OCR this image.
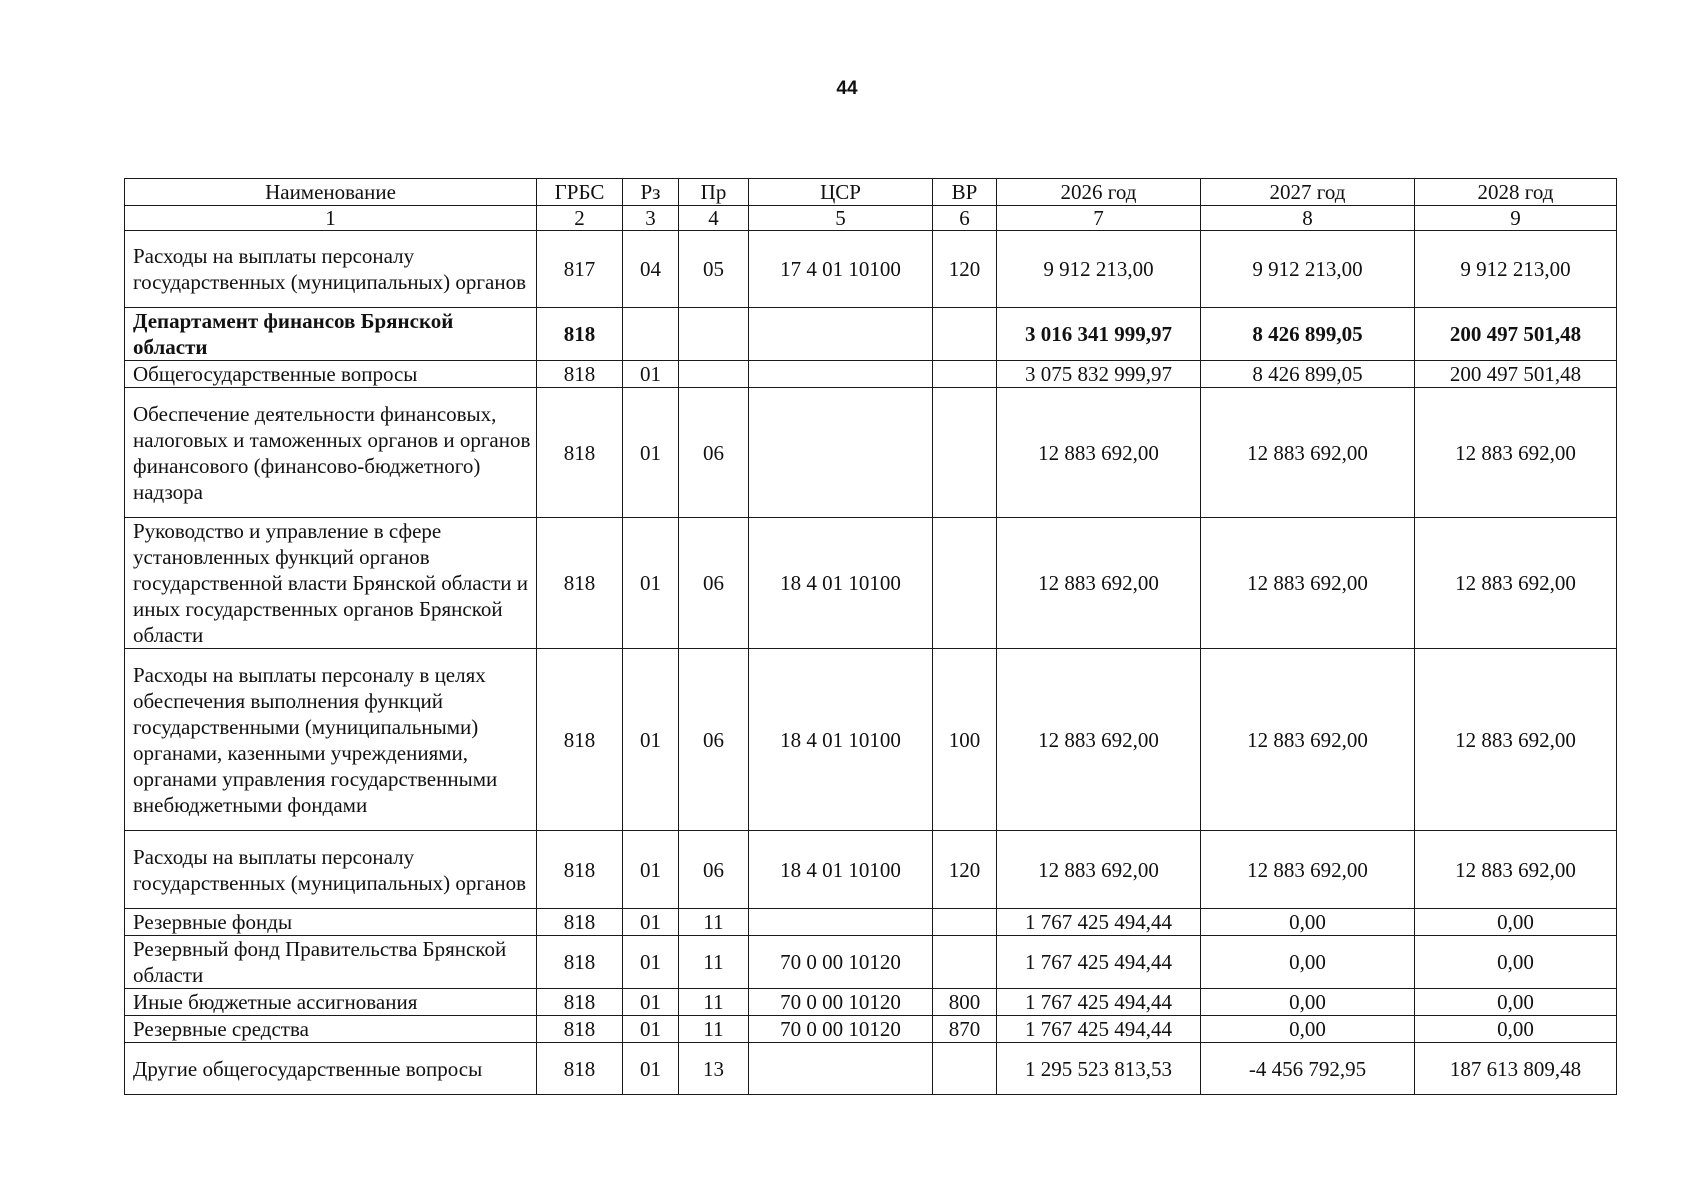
44
Наименование	ГРБС	Рз	Пр	ЦСР	ВР	2026 год	2027 год	2028 год
1	2	3	4	5	6	7	8	9
Расходы на выплаты персоналу государственных (муниципальных) органов	817	04	05	17 4 01 10100	120	9 912 213,00	9 912 213,00	9 912 213,00
Департамент финансов Брянской области	818					3 016 341 999,97	8 426 899,05	200 497 501,48
Общегосударственные вопросы	818	01				3 075 832 999,97	8 426 899,05	200 497 501,48
Обеспечение деятельности финансовых, налоговых и таможенных органов и органов финансового (финансово-бюджетного) надзора	818	01	06			12 883 692,00	12 883 692,00	12 883 692,00
Руководство и управление в сфере установленных функций органов государственной власти Брянской области и иных государственных органов Брянской области	818	01	06	18 4 01 10100		12 883 692,00	12 883 692,00	12 883 692,00
Расходы на выплаты персоналу в целях обеспечения выполнения функций государственными (муниципальными) органами, казенными учреждениями, органами управления государственными внебюджетными фондами	818	01	06	18 4 01 10100	100	12 883 692,00	12 883 692,00	12 883 692,00
Расходы на выплаты персоналу государственных (муниципальных) органов	818	01	06	18 4 01 10100	120	12 883 692,00	12 883 692,00	12 883 692,00
Резервные фонды	818	01	11			1 767 425 494,44	0,00	0,00
Резервный фонд Правительства Брянской области	818	01	11	70 0 00 10120		1 767 425 494,44	0,00	0,00
Иные бюджетные ассигнования	818	01	11	70 0 00 10120	800	1 767 425 494,44	0,00	0,00
Резервные средства	818	01	11	70 0 00 10120	870	1 767 425 494,44	0,00	0,00
Другие общегосударственные вопросы	818	01	13			1 295 523 813,53	-4 456 792,95	187 613 809,48
